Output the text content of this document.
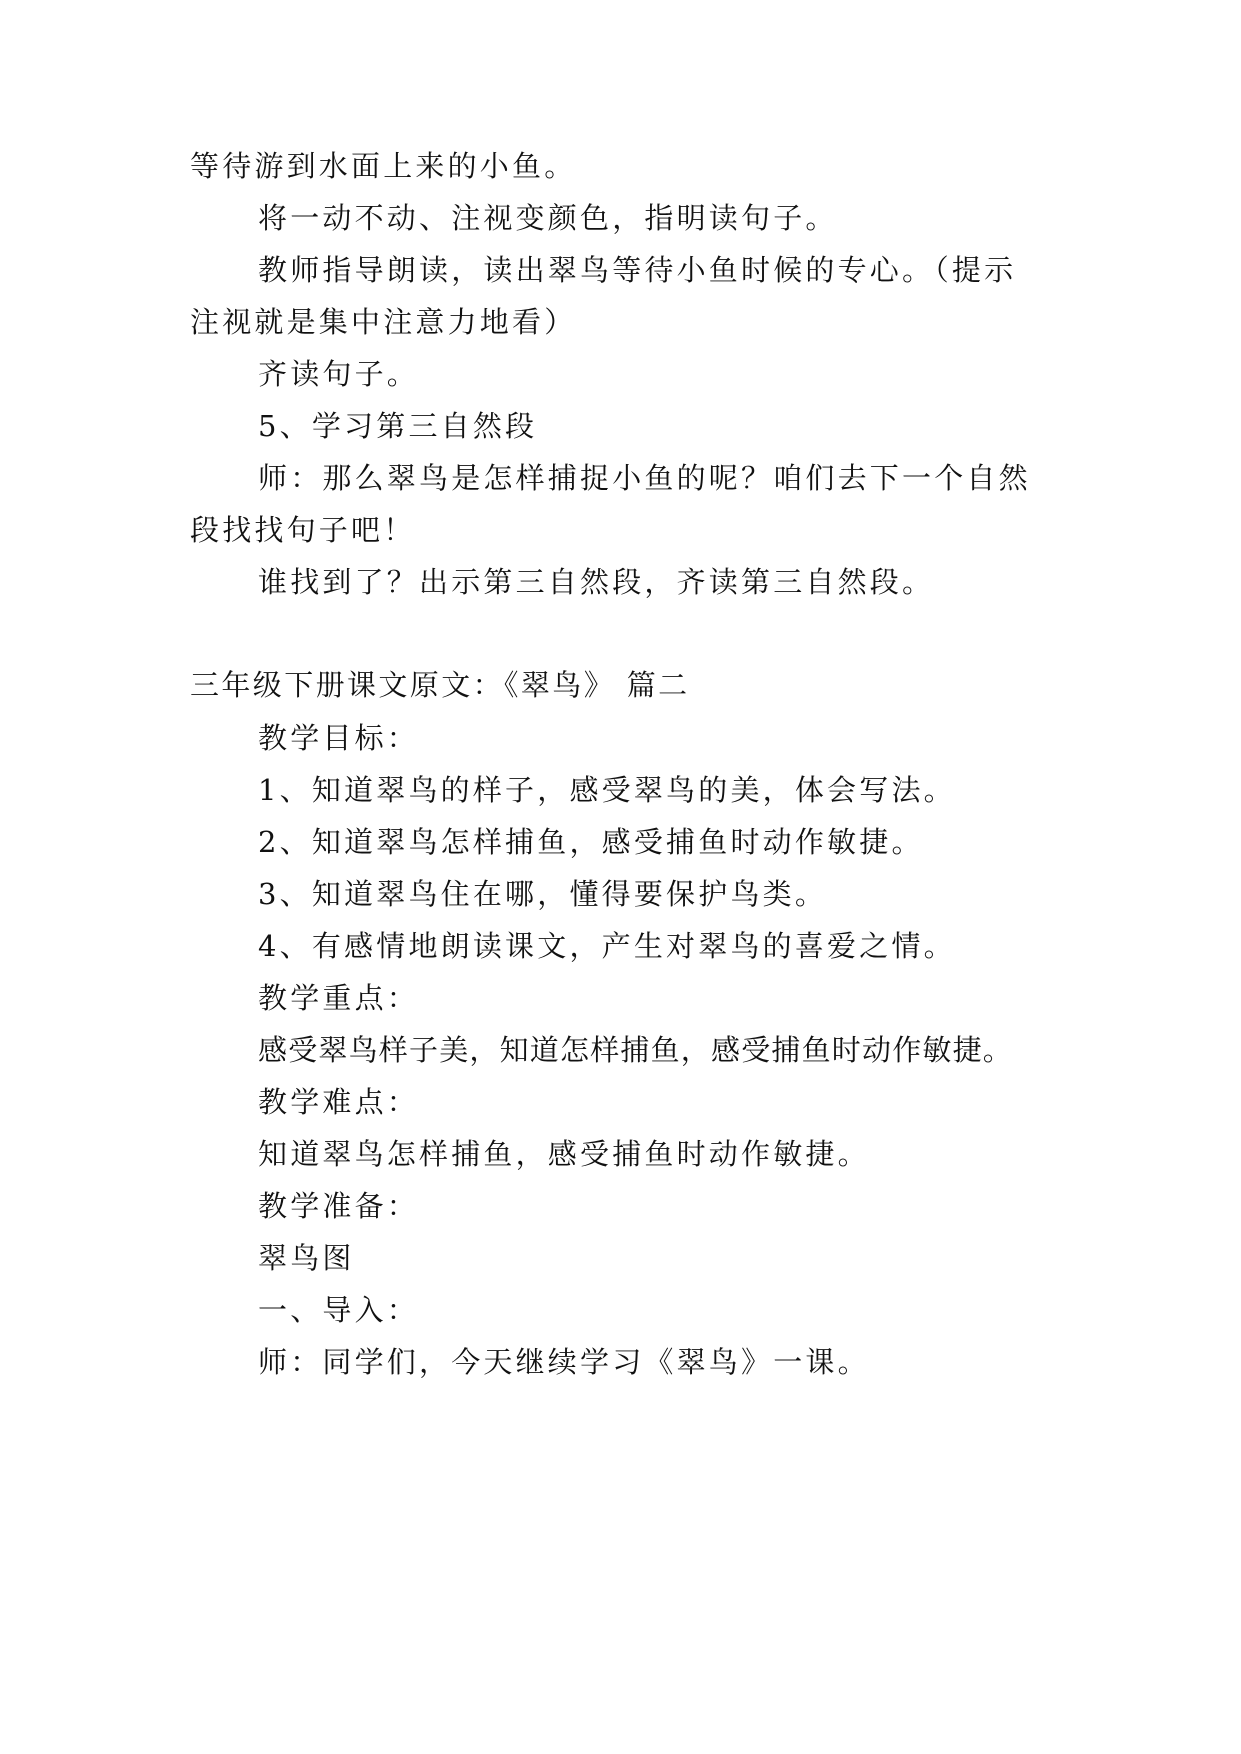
等待游到水面上来的小鱼。

将一动不动、注视变颜色，指明读句子。

教师指导朗读，读出翠鸟等待小鱼时候的专心。（提示

注视就是集中注意力地看）

齐读句子。

5、学习第三自然段

师：那么翠鸟是怎样捕捉小鱼的呢？咱们去下一个自然

段找找句子吧！

谁找到了？出示第三自然段，齐读第三自然段。

三年级下册课文原文：《翠鸟》 篇二

教学目标：

1、知道翠鸟的样子，感受翠鸟的美，体会写法。

2、知道翠鸟怎样捕鱼，感受捕鱼时动作敏捷。

3、知道翠鸟住在哪，懂得要保护鸟类。

4、有感情地朗读课文，产生对翠鸟的喜爱之情。

教学重点：

感受翠鸟样子美，知道怎样捕鱼，感受捕鱼时动作敏捷。

教学难点：

知道翠鸟怎样捕鱼，感受捕鱼时动作敏捷。

教学准备：

翠鸟图

一、导入：

师：同学们，今天继续学习《翠鸟》一课。
